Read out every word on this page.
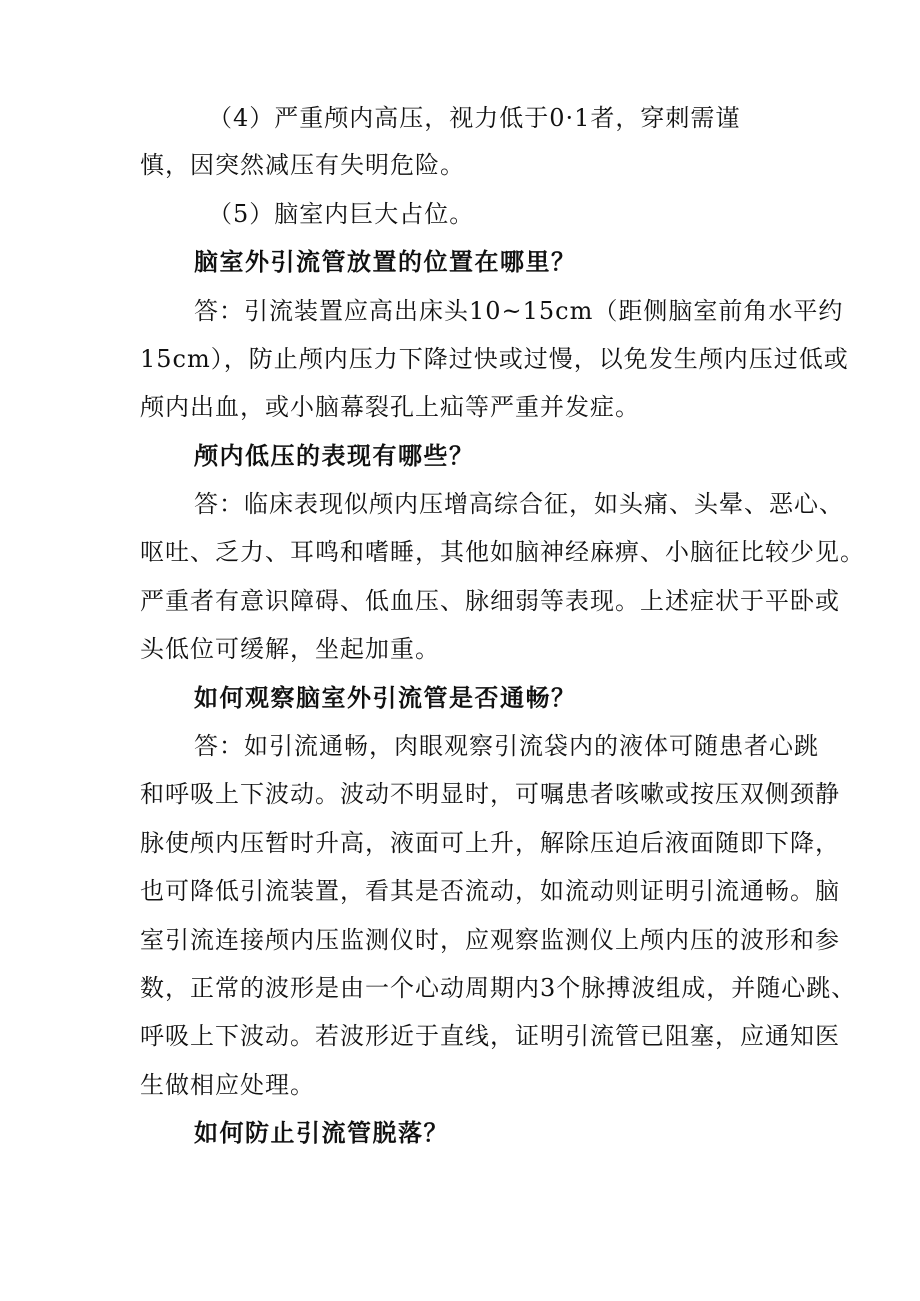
（4）严重颅内高压，视力低于0·1者，穿刺需谨
慎，因突然减压有失明危险。
（5）脑室内巨大占位。
脑室外引流管放置的位置在哪里？
答：引流装置应高出床头10~15cm（距侧脑室前角水平约
15cm），防止颅内压力下降过快或过慢，以免发生颅内压过低或
颅内出血，或小脑幕裂孔上疝等严重并发症。
颅内低压的表现有哪些？
答：临床表现似颅内压增高综合征，如头痛、头晕、恶心、
呕吐、乏力、耳鸣和嗜睡，其他如脑神经麻痹、小脑征比较少见。
严重者有意识障碍、低血压、脉细弱等表现。上述症状于平卧或
头低位可缓解，坐起加重。
如何观察脑室外引流管是否通畅？
答：如引流通畅，肉眼观察引流袋内的液体可随患者心跳
和呼吸上下波动。波动不明显时，可嘱患者咳嗽或按压双侧颈静
脉使颅内压暂时升高，液面可上升，解除压迫后液面随即下降，
也可降低引流装置，看其是否流动，如流动则证明引流通畅。脑
室引流连接颅内压监测仪时，应观察监测仪上颅内压的波形和参
数，正常的波形是由一个心动周期内3个脉搏波组成，并随心跳、
呼吸上下波动。若波形近于直线，证明引流管已阻塞，应通知医
生做相应处理。
如何防止引流管脱落？
